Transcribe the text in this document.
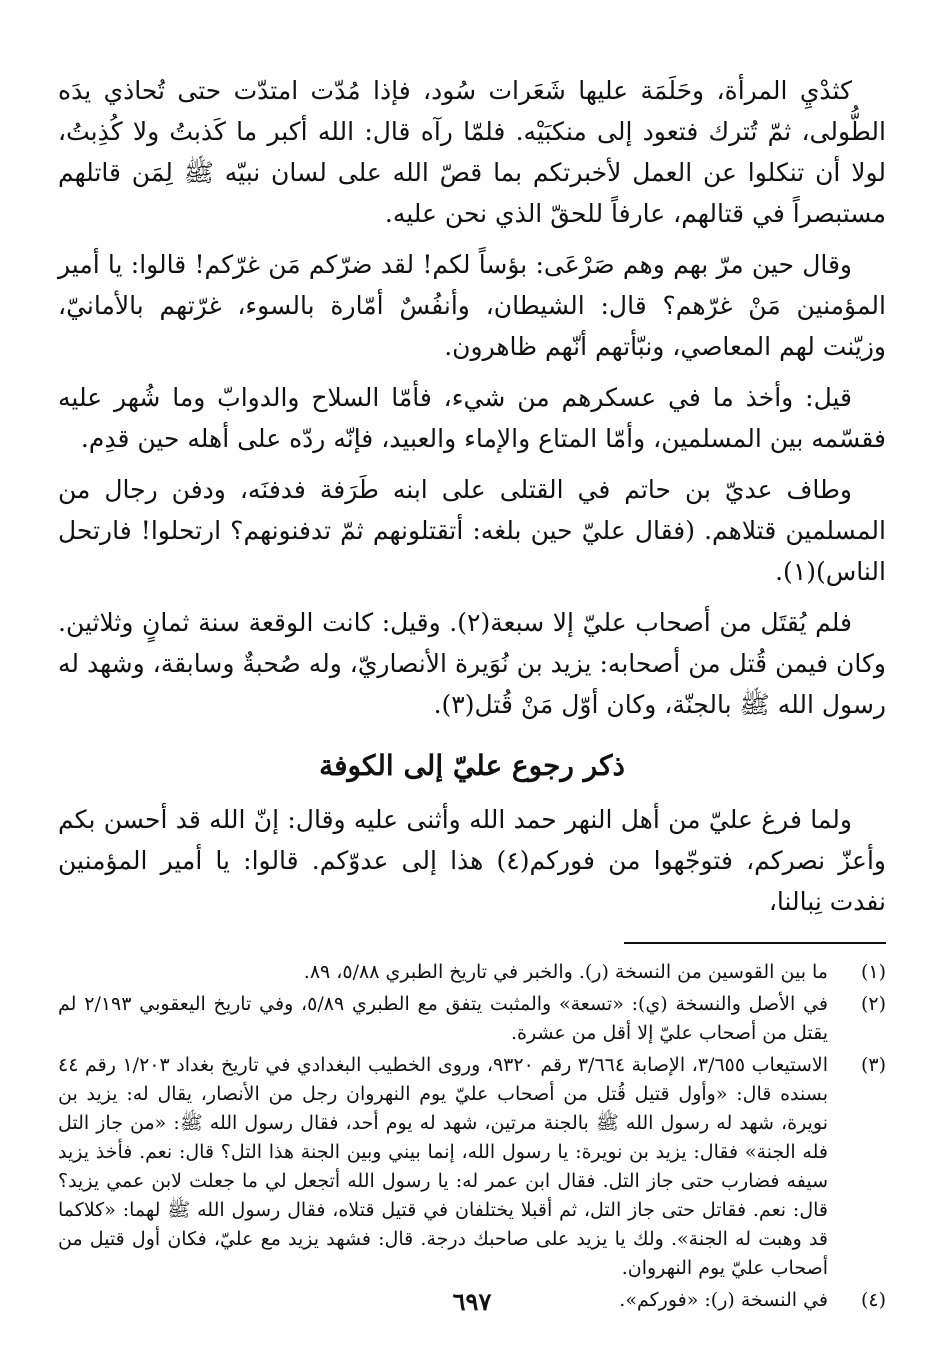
كثدْيِ المرأة، وحَلَمَة عليها شَعَرات سُود، فإذا مُدّت امتدّت حتى تُحاذي يدَه الطُّولى، ثمّ تُترك فتعود إلى منكبَيْه. فلمّا رآه قال: الله أكبر ما كَذبتُ ولا كُذِبتُ، لولا أن تنكلوا عن العمل لأخبرتكم بما قصّ الله على لسان نبيّه ﷺ لِمَن قاتلهم مستبصراً في قتالهم، عارفاً للحقّ الذي نحن عليه.

وقال حين مرّ بهم وهم صَرْعَى: بؤساً لكم! لقد ضرّكم مَن غرّكم! قالوا: يا أمير المؤمنين مَنْ غرّهم؟ قال: الشيطان، وأنفُسٌ أمّارة بالسوء، غرّتهم بالأمانيّ، وزيّنت لهم المعاصي، ونبّأتهم أنّهم ظاهرون.

قيل: وأخذ ما في عسكرهم من شيء، فأمّا السلاح والدوابّ وما شُهر عليه فقسّمه بين المسلمين، وأمّا المتاع والإماء والعبيد، فإنّه ردّه على أهله حين قدِم.

وطاف عديّ بن حاتم في القتلى على ابنه طَرَفة فدفنَه، ودفن رجال من المسلمين قتلاهم. (فقال عليّ حين بلغه: أتقتلونهم ثمّ تدفنونهم؟ ارتحلوا! فارتحل الناس)(١).

فلم يُقتَل من أصحاب عليّ إلا سبعة(٢). وقيل: كانت الوقعة سنة ثمانٍ وثلاثين. وكان فيمن قُتل من أصحابه: يزيد بن نُوَيرة الأنصاريّ، وله صُحبةٌ وسابقة، وشهد له رسول الله ﷺ بالجنّة، وكان أوّل مَنْ قُتل(٣).

ذكر رجوع عليّ إلى الكوفة

ولما فرغ عليّ من أهل النهر حمد الله وأثنى عليه وقال: إنّ الله قد أحسن بكم وأعزّ نصركم، فتوجّهوا من فوركم(٤) هذا إلى عدوّكم. قالوا: يا أمير المؤمنين نفدت نِبالنا،

(١)
ما بين القوسين من النسخة (ر). والخبر في تاريخ الطبري ٥/٨٨، ٨٩.
(٢)
في الأصل والنسخة (ي): «تسعة» والمثبت يتفق مع الطبري ٥/٨٩، وفي تاريخ اليعقوبي ٢/١٩٣ لم يقتل من أصحاب عليّ إلا أقل من عشرة.
(٣)
الاستيعاب ٣/٦٥٥، الإصابة ٣/٦٦٤ رقم ٩٣٢٠، وروى الخطيب البغدادي في تاريخ بغداد ١/٢٠٣ رقم ٤٤ بسنده قال: «وأول قتيل قُتل من أصحاب عليّ يوم النهروان رجل من الأنصار، يقال له: يزيد بن نويرة، شهد له رسول الله ﷺ بالجنة مرتين، شهد له يوم أحد، فقال رسول الله ﷺ: «من جاز التل فله الجنة» فقال: يزيد بن نويرة: يا رسول الله، إنما بيني وبين الجنة هذا التل؟ قال: نعم. فأخذ يزيد سيفه فضارب حتى جاز التل. فقال ابن عمر له: يا رسول الله أتجعل لي ما جعلت لابن عمي يزيد؟ قال: نعم. فقاتل حتى جاز التل، ثم أقبلا يختلفان في قتيل قتلاه، فقال رسول الله ﷺ لهما: «كلاكما قد وهبت له الجنة». ولك يا يزيد على صاحبك درجة. قال: فشهد يزيد مع عليّ، فكان أول قتيل من أصحاب عليّ يوم النهروان.
(٤)
في النسخة (ر): «فوركم».
٦٩٧
